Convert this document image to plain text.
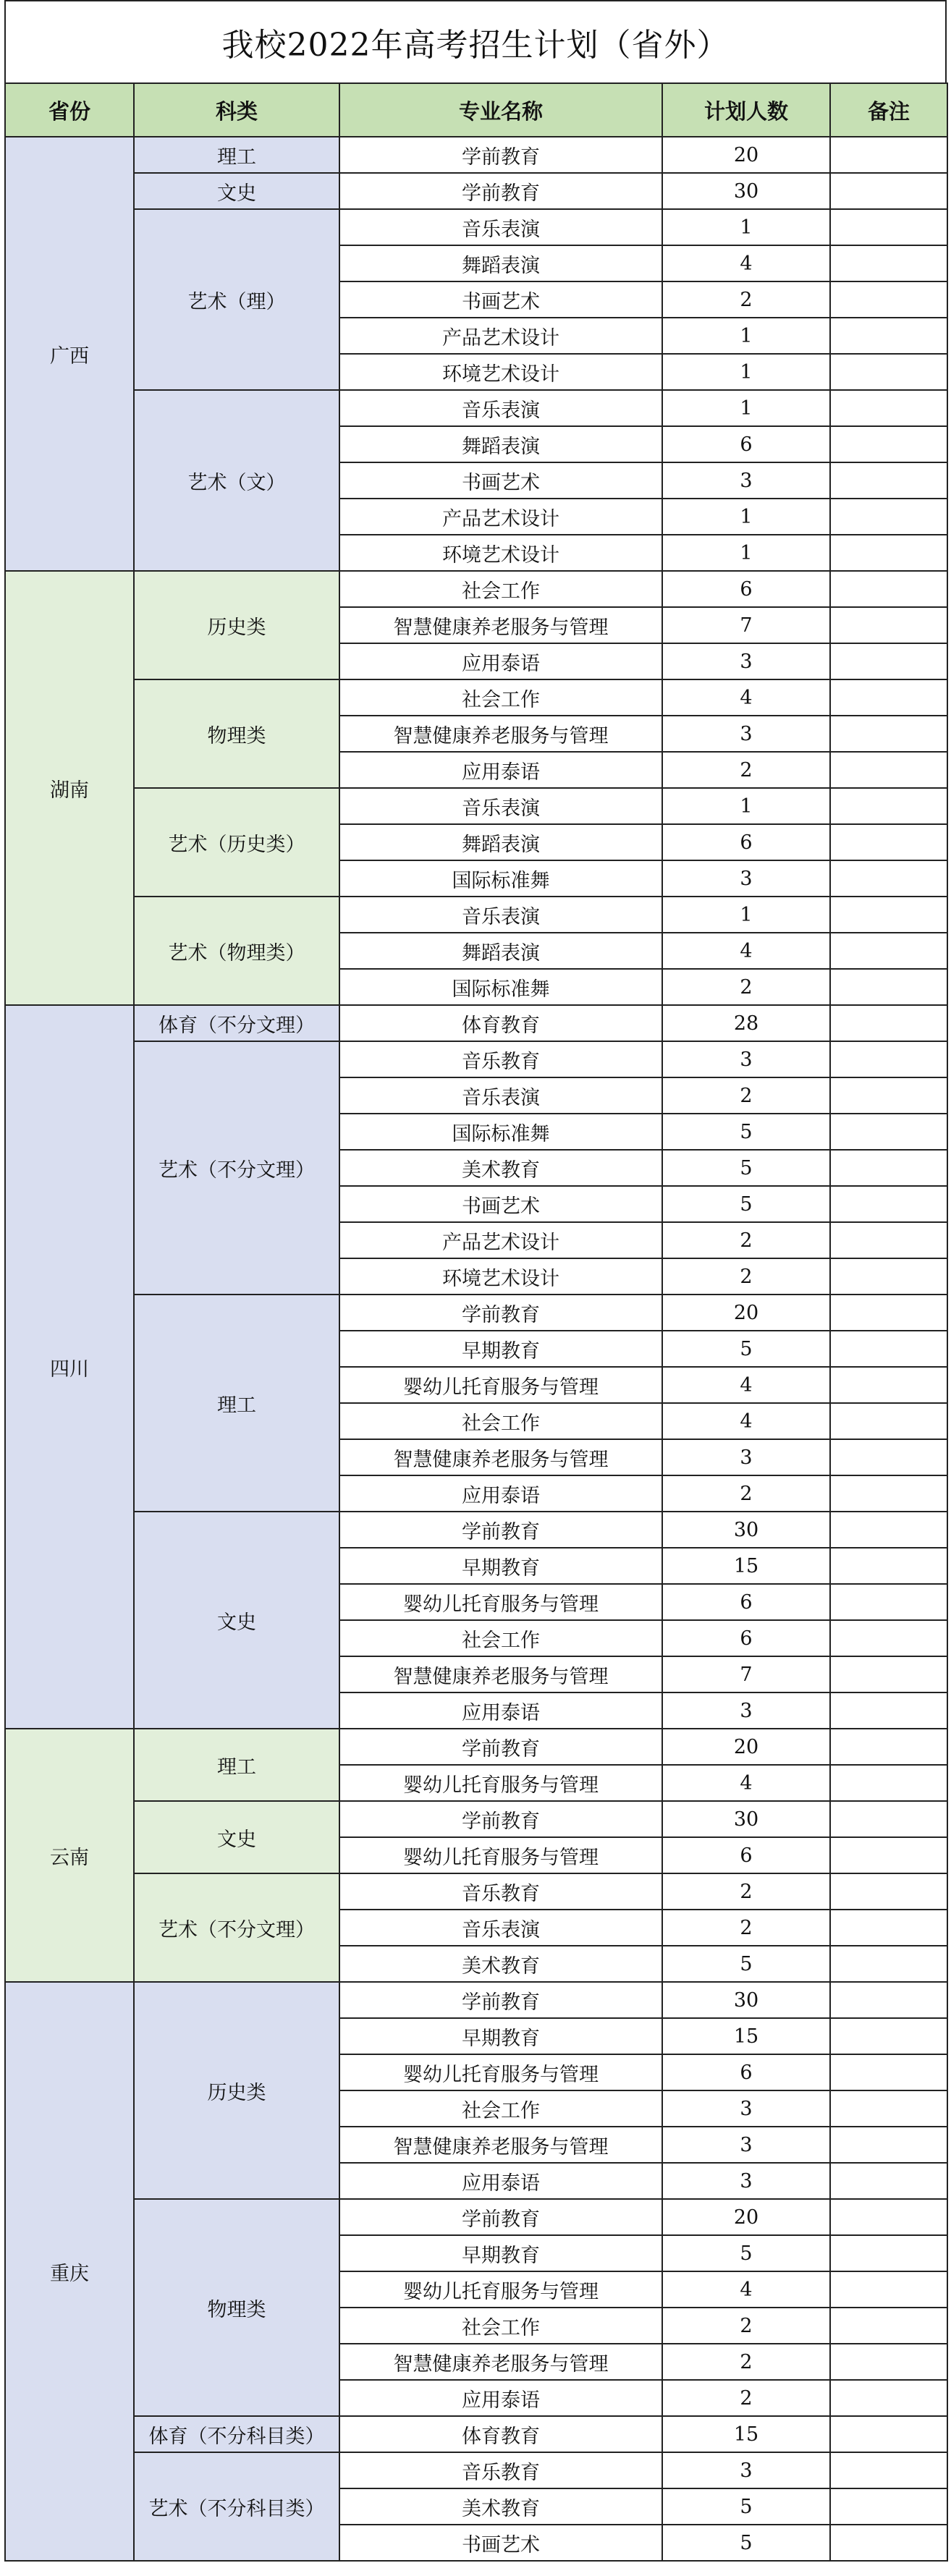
我校2022年高考招生计划（省外）
省份	科类	专业名称	计划人数	备注
广西	理工	学前教育	20	
	文史	学前教育	30	
	艺术（理）	音乐表演	1	
		舞蹈表演	4	
		书画艺术	2	
		产品艺术设计	1	
		环境艺术设计	1	
	艺术（文）	音乐表演	1	
		舞蹈表演	6	
		书画艺术	3	
		产品艺术设计	1	
		环境艺术设计	1	
湖南	历史类	社会工作	6	
		智慧健康养老服务与管理	7	
		应用泰语	3	
	物理类	社会工作	4	
		智慧健康养老服务与管理	3	
		应用泰语	2	
	艺术（历史类）	音乐表演	1	
		舞蹈表演	6	
		国际标准舞	3	
	艺术（物理类）	音乐表演	1	
		舞蹈表演	4	
		国际标准舞	2	
四川	体育（不分文理）	体育教育	28	
	艺术（不分文理）	音乐教育	3	
		音乐表演	2	
		国际标准舞	5	
		美术教育	5	
		书画艺术	5	
		产品艺术设计	2	
		环境艺术设计	2	
	理工	学前教育	20	
		早期教育	5	
		婴幼儿托育服务与管理	4	
		社会工作	4	
		智慧健康养老服务与管理	3	
		应用泰语	2	
	文史	学前教育	30	
		早期教育	15	
		婴幼儿托育服务与管理	6	
		社会工作	6	
		智慧健康养老服务与管理	7	
		应用泰语	3	
云南	理工	学前教育	20	
		婴幼儿托育服务与管理	4	
	文史	学前教育	30	
		婴幼儿托育服务与管理	6	
	艺术（不分文理）	音乐教育	2	
		音乐表演	2	
		美术教育	5	
重庆	历史类	学前教育	30	
		早期教育	15	
		婴幼儿托育服务与管理	6	
		社会工作	3	
		智慧健康养老服务与管理	3	
		应用泰语	3	
	物理类	学前教育	20	
		早期教育	5	
		婴幼儿托育服务与管理	4	
		社会工作	2	
		智慧健康养老服务与管理	2	
		应用泰语	2	
	体育（不分科目类）	体育教育	15	
	艺术（不分科目类）	音乐教育	3	
		美术教育	5	
		书画艺术	5	
